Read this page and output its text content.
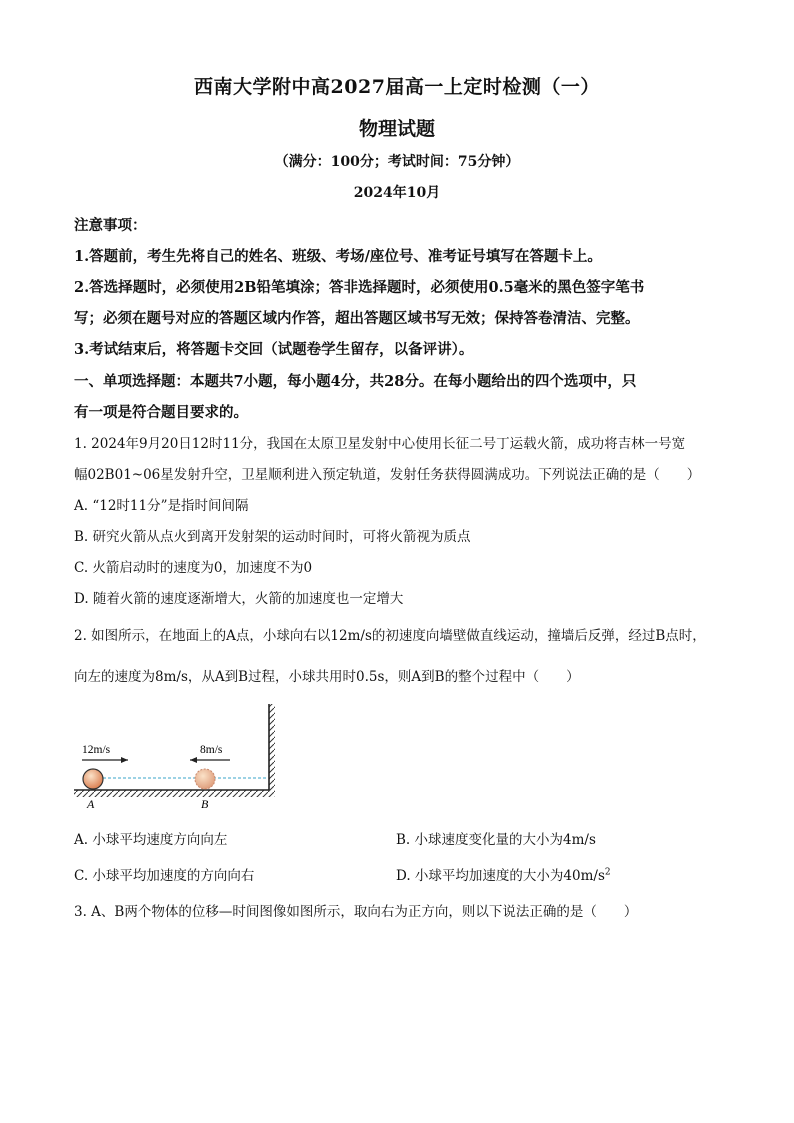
西南大学附中高2027届高一上定时检测（一）
物理试题
（满分：100分；考试时间：75分钟）
2024年10月
注意事项：
1.答题前，考生先将自己的姓名、班级、考场/座位号、准考证号填写在答题卡上。
2.答选择题时，必须使用2B铅笔填涂；答非选择题时，必须使用0.5毫米的黑色签字笔书
写；必须在题号对应的答题区域内作答，超出答题区域书写无效；保持答卷清洁、完整。
3.考试结束后，将答题卡交回（试题卷学生留存，以备评讲）。
一、单项选择题：本题共7小题，每小题4分，共28分。在每小题给出的四个选项中，只
有一项是符合题目要求的。
1. 2024年9月20日12时11分，我国在太原卫星发射中心使用长征二号丁运载火箭，成功将吉林一号宽
幅02B01~06星发射升空，卫星顺利进入预定轨道，发射任务获得圆满成功。下列说法正确的是（　　）
A. “12时11分”是指时间间隔
B. 研究火箭从点火到离开发射架的运动时间时，可将火箭视为质点
C. 火箭启动时的速度为0，加速度不为0
D. 随着火箭的速度逐渐增大，火箭的加速度也一定增大
2. 如图所示，在地面上的A点，小球向右以12m/s的初速度向墙壁做直线运动，撞墙后反弹，经过B点时，
向左的速度为8m/s，从A到B过程，小球共用时0.5s，则A到B的整个过程中（　　）
12m/s	8m/s
A	B
A. 小球平均速度方向向左	B. 小球速度变化量的大小为4m/s
C. 小球平均加速度的方向向右	D. 小球平均加速度的大小为$40m/s^2$
3. A、B两个物体的位移—时间图像如图所示，取向右为正方向，则以下说法正确的是（　　）
